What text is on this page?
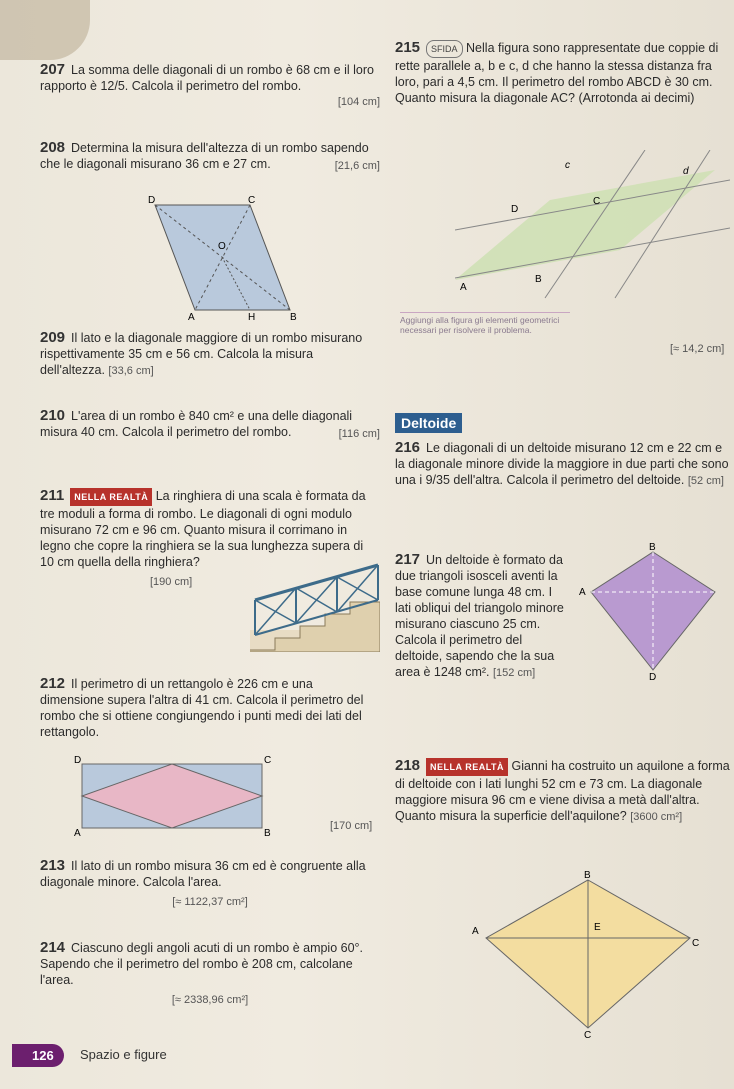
207 La somma delle diagonali di un rombo è 68 cm e il loro rapporto è 12/5. Calcola il perimetro del rombo.

[104 cm]

208 Determina la misura dell'altezza di un rombo sapendo che le diagonali misurano 36 cm e 27 cm.	[21,6 cm]
D	C
O
A	H	B

209 Il lato e la diagonale maggiore di un rombo misurano rispettivamente 35 cm e 56 cm. Calcola la misura dell'altezza. [33,6 cm]

210 L'area di un rombo è 840 cm² e una delle diagonali misura 40 cm. Calcola il perimetro del rombo.	[116 cm]

211 NELLA REALTÀ La ringhiera di una scala è formata da tre moduli a forma di rombo. Le diagonali di ogni modulo misurano 72 cm e 96 cm. Quanto misura il corrimano in legno che copre la ringhiera se la sua lunghezza supera di 10 cm quella della ringhiera?

[190 cm]

212 Il perimetro di un rettangolo è 226 cm e una dimensione supera l'altra di 41 cm. Calcola il perimetro del rombo che si ottiene congiungendo i punti medi dei lati del rettangolo.

D	C
A	B
[170 cm]

213 Il lato di un rombo misura 36 cm ed è congruente alla diagonale minore. Calcola l'area.

[≈ 1122,37 cm²]

214 Ciascuno degli angoli acuti di un rombo è ampio 60°. Sapendo che il perimetro del rombo è 208 cm, calcolane l'area.

[≈ 2338,96 cm²]

215 SFIDA Nella figura sono rappresentate due coppie di rette parallele a, b e c, d che hanno la stessa distanza fra loro, pari a 4,5 cm. Il perimetro del rombo ABCD è 30 cm. Quanto misura la diagonale AC? (Arrotonda ai decimi)

c
d
D
C
A
B
Aggiungi alla figura gli elementi geometrici necessari per risolvere il problema.
[≈ 14,2 cm]
Deltoide

216 Le diagonali di un deltoide misurano 12 cm e 22 cm e la diagonale minore divide la maggiore in due parti che sono una i 9/35 dell'altra. Calcola il perimetro del deltoide. [52 cm]

217 Un deltoide è formato da due triangoli isosceli aventi la base comune lunga 48 cm. I lati obliqui del triangolo minore misurano ciascuno 25 cm. Calcola il perimetro del deltoide, sapendo che la sua area è 1248 cm². [152 cm]

B
A
D

218 NELLA REALTÀ Gianni ha costruito un aquilone a forma di deltoide con i lati lunghi 52 cm e 73 cm. La diagonale maggiore misura 96 cm e viene divisa a metà dall'altra. Quanto misura la superficie dell'aquilone? [3600 cm²]

B
A	E
C
C
126	Spazio e figure
